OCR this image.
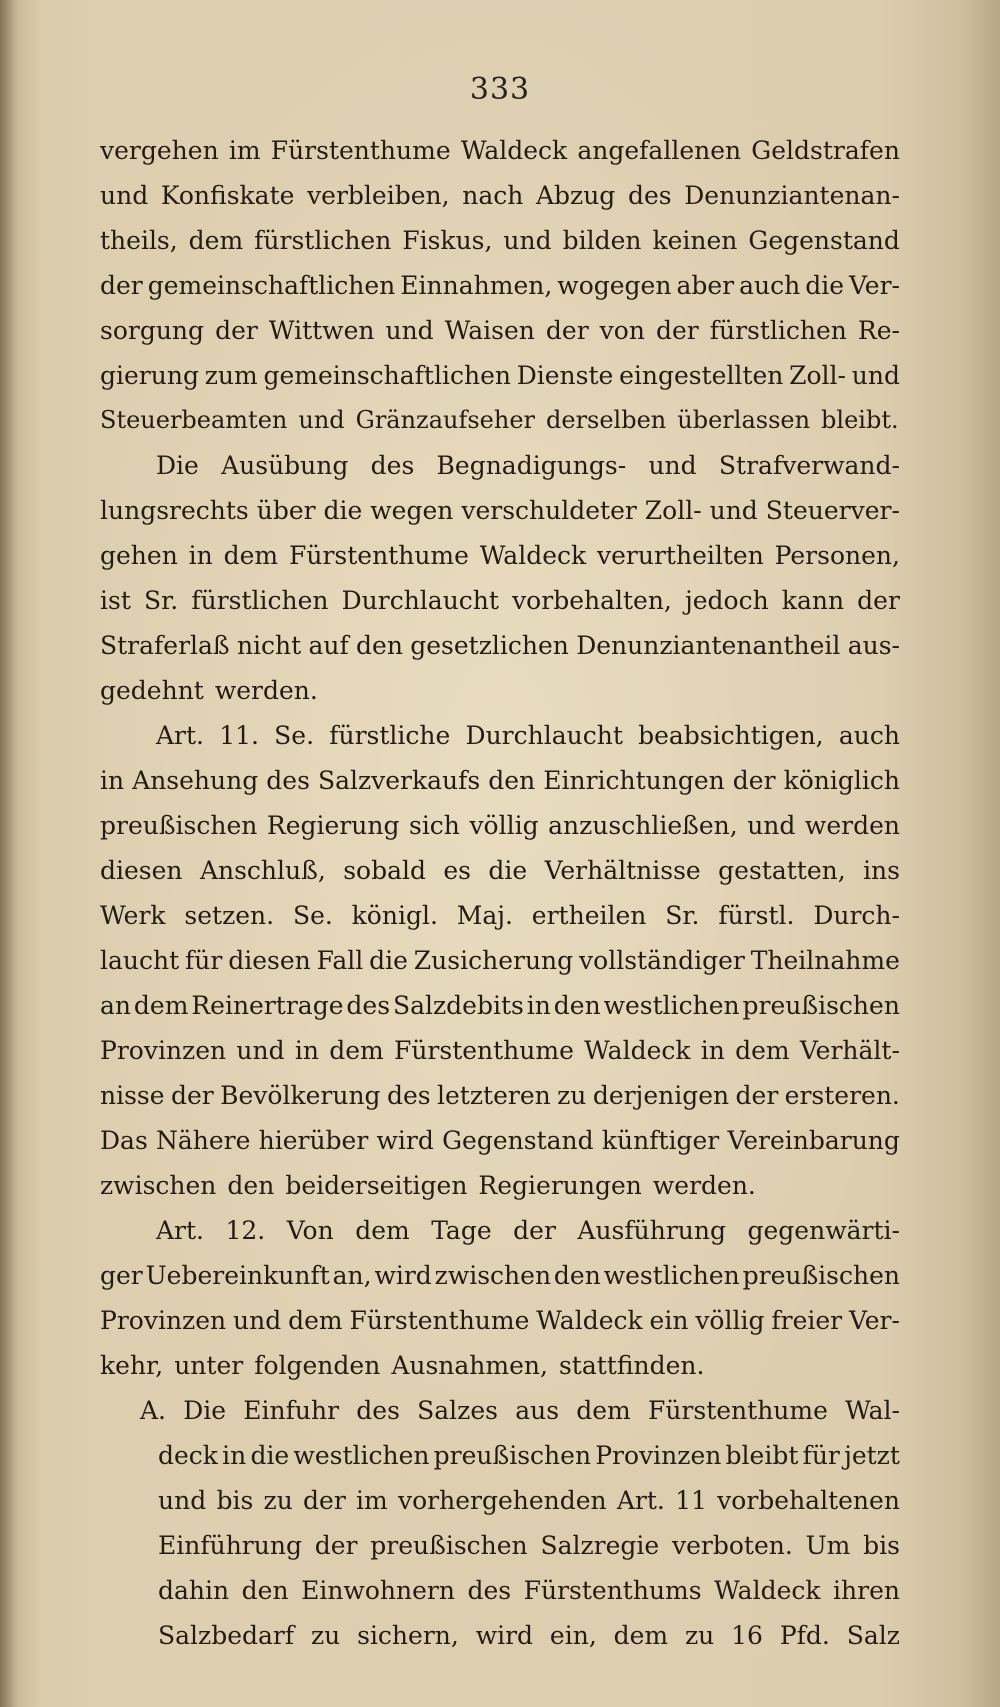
333
vergehen im Fürstenthume Waldeck angefallenen Geldstrafen
und Konfiskate verbleiben, nach Abzug des Denunziantenan-
theils, dem fürstlichen Fiskus, und bilden keinen Gegenstand
der gemeinschaftlichen Einnahmen, wogegen aber auch die Ver-
sorgung der Wittwen und Waisen der von der fürstlichen Re-
gierung zum gemeinschaftlichen Dienste eingestellten Zoll- und
Steuerbeamten und Gränzaufseher derselben überlassen bleibt.
Die Ausübung des Begnadigungs- und Strafverwand-
lungsrechts über die wegen verschuldeter Zoll- und Steuerver-
gehen in dem Fürstenthume Waldeck verurtheilten Personen,
ist Sr. fürstlichen Durchlaucht vorbehalten, jedoch kann der
Straferlaß nicht auf den gesetzlichen Denunziantenantheil aus-
gedehnt werden.
Art. 11. Se. fürstliche Durchlaucht beabsichtigen, auch
in Ansehung des Salzverkaufs den Einrichtungen der königlich
preußischen Regierung sich völlig anzuschließen, und werden
diesen Anschluß, sobald es die Verhältnisse gestatten, ins
Werk setzen. Se. königl. Maj. ertheilen Sr. fürstl. Durch-
laucht für diesen Fall die Zusicherung vollständiger Theilnahme
an dem Reinertrage des Salzdebits in den westlichen preußischen
Provinzen und in dem Fürstenthume Waldeck in dem Verhält-
nisse der Bevölkerung des letzteren zu derjenigen der ersteren.
Das Nähere hierüber wird Gegenstand künftiger Vereinbarung
zwischen den beiderseitigen Regierungen werden.
Art. 12. Von dem Tage der Ausführung gegenwärti-
ger Uebereinkunft an, wird zwischen den westlichen preußischen
Provinzen und dem Fürstenthume Waldeck ein völlig freier Ver-
kehr, unter folgenden Ausnahmen, stattfinden.
A. Die Einfuhr des Salzes aus dem Fürstenthume Wal-
deck in die westlichen preußischen Provinzen bleibt für jetzt
und bis zu der im vorhergehenden Art. 11 vorbehaltenen
Einführung der preußischen Salzregie verboten. Um bis
dahin den Einwohnern des Fürstenthums Waldeck ihren
Salzbedarf zu sichern, wird ein, dem zu 16 Pfd. Salz
